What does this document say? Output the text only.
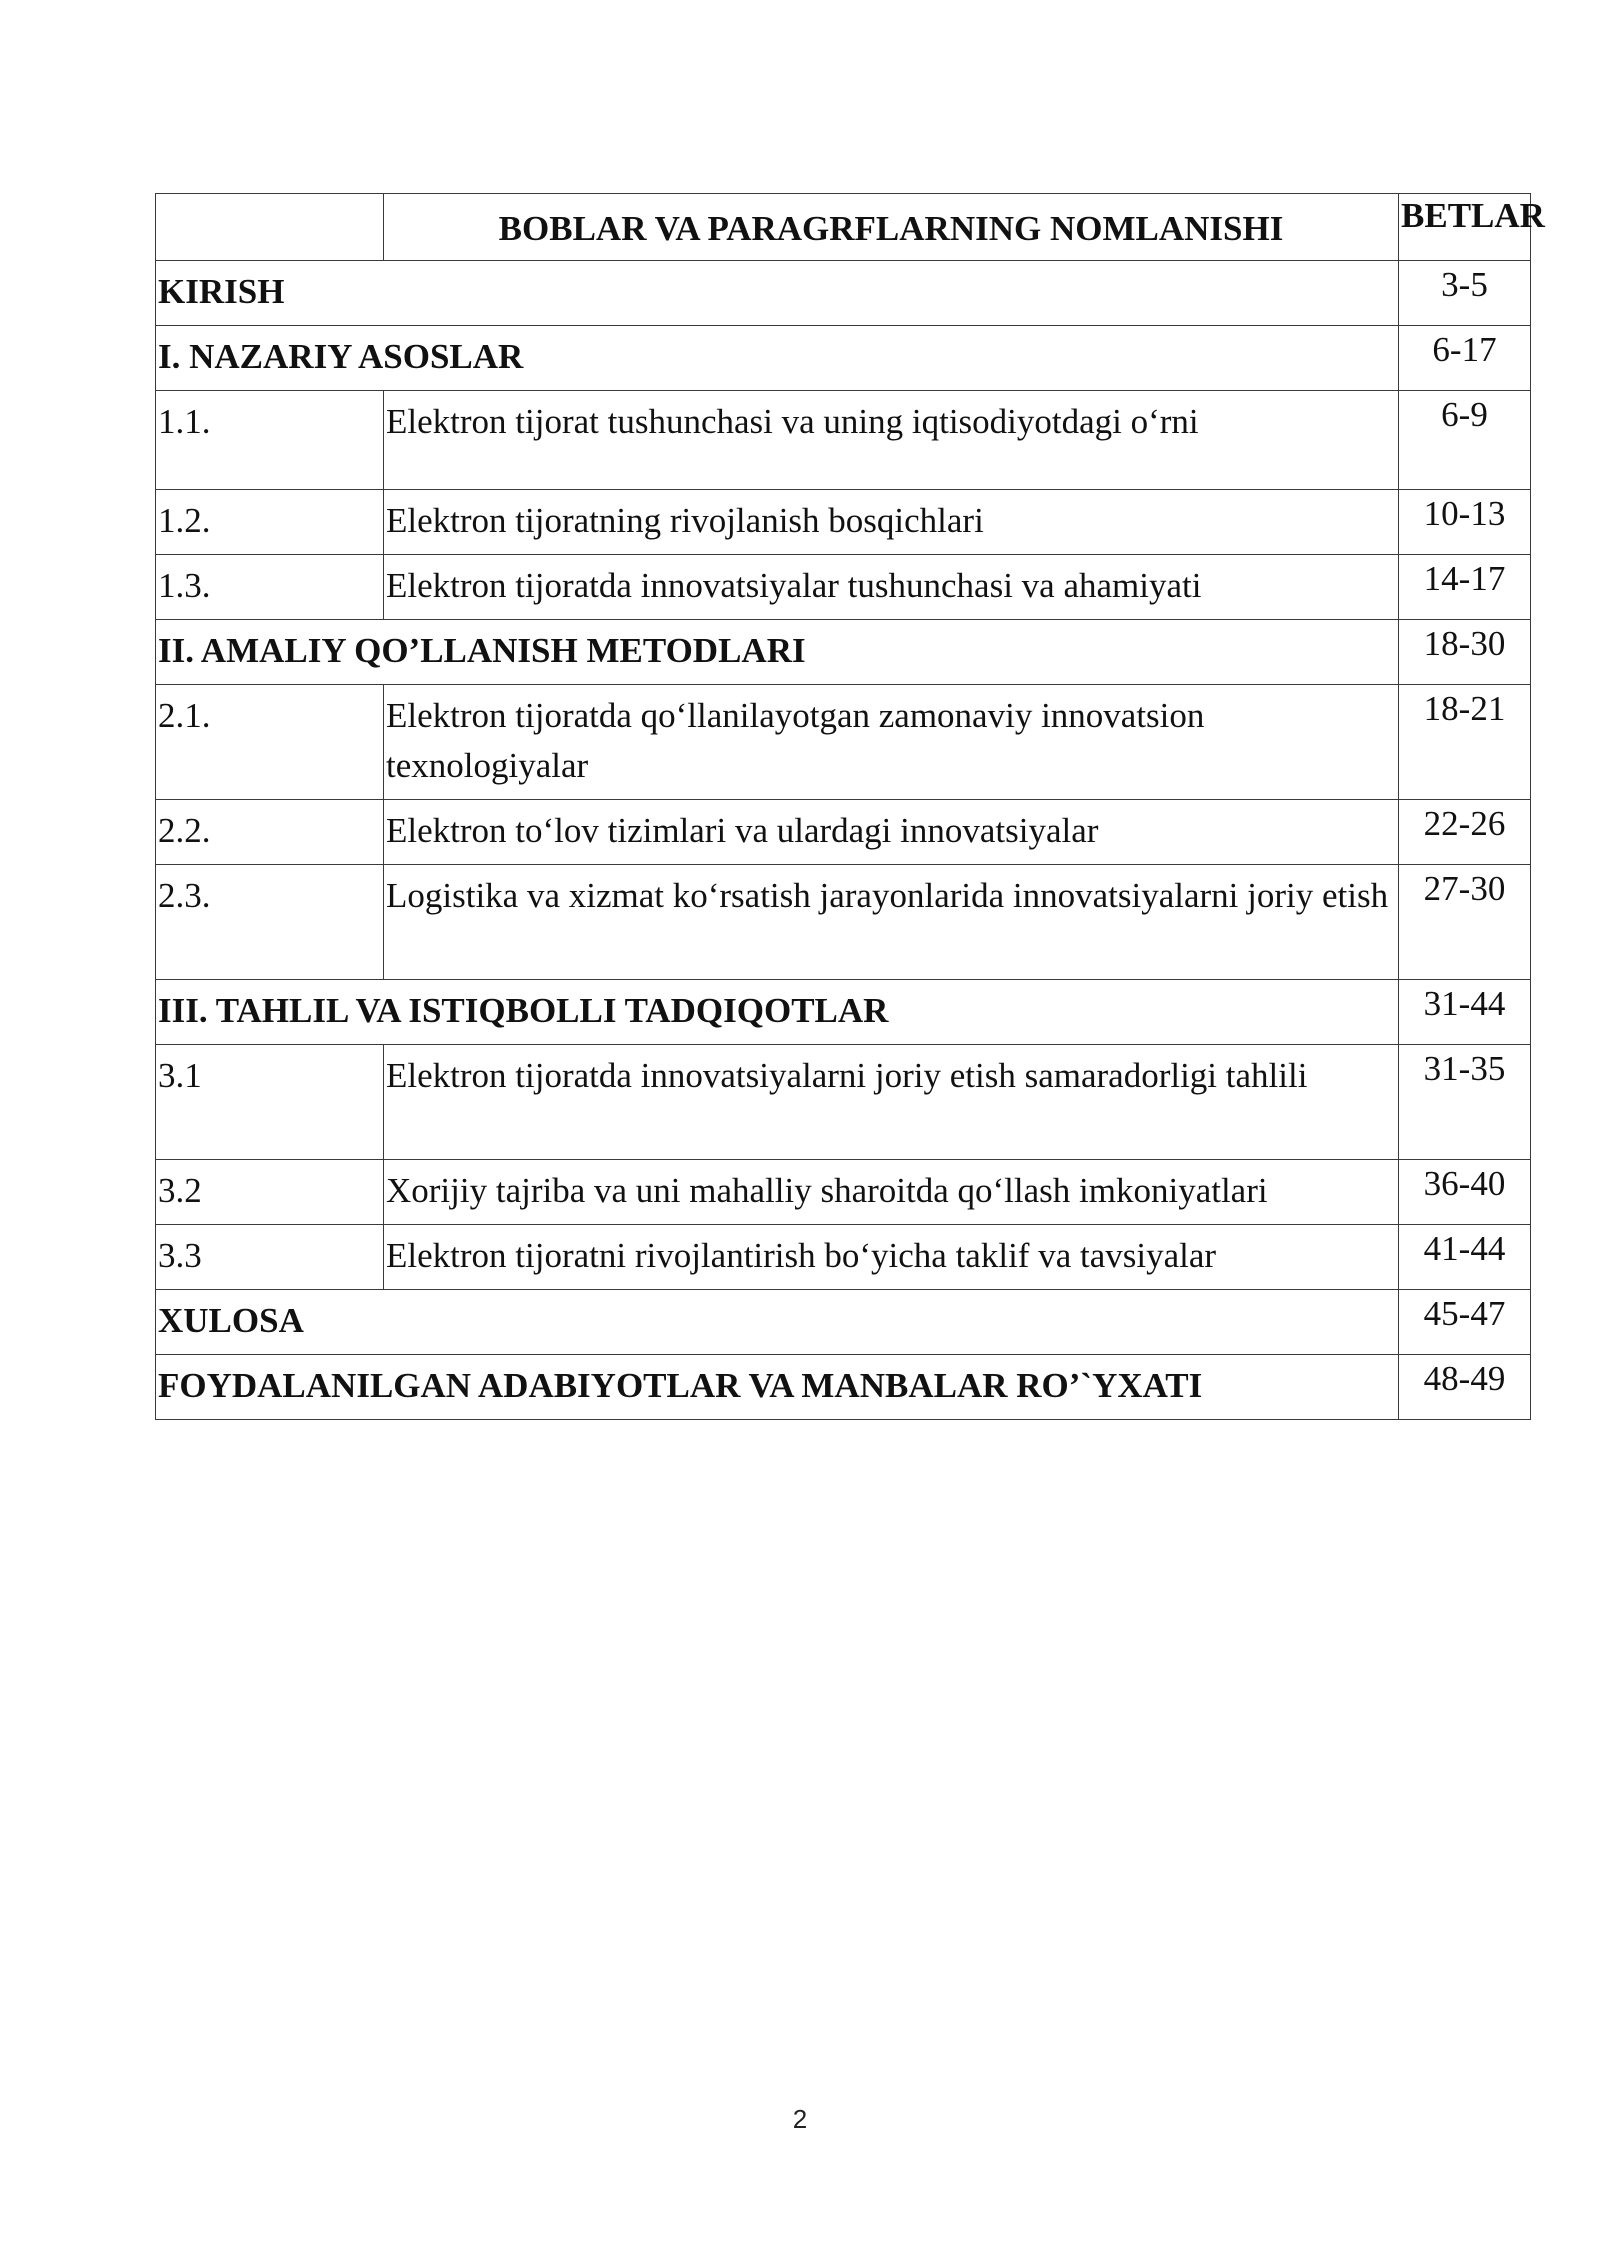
	BOBLAR VA PARAGRFLARNING NOMLANISHI	BETLAR
KIRISH		3-5
I. NAZARIY ASOSLAR		6-17
1.1.	Elektron tijorat tushunchasi va uning iqtisodiyotdagi o‘rni	6-9
1.2.	Elektron tijoratning rivojlanish bosqichlari	10-13
1.3.	Elektron tijoratda innovatsiyalar tushunchasi va ahamiyati	14-17
II. AMALIY QO’LLANISH METODLARI		18-30
2.1.	Elektron tijoratda qo‘llanilayotgan zamonaviy innovatsion texnologiyalar	18-21
2.2.	Elektron to‘lov tizimlari va ulardagi innovatsiyalar	22-26
2.3.	Logistika va xizmat ko‘rsatish jarayonlarida innovatsiyalarni joriy etish	27-30
III. TAHLIL VA ISTIQBOLLI TADQIQOTLAR		31-44
3.1	Elektron tijoratda innovatsiyalarni joriy etish samaradorligi tahlili	31-35
3.2	Xorijiy tajriba va uni mahalliy sharoitda qo‘llash imkoniyatlari	36-40
3.3	Elektron tijoratni rivojlantirish bo‘yicha taklif va tavsiyalar	41-44
XULOSA		45-47
FOYDALANILGAN ADABIYOTLAR VA MANBALAR RO’`YXATI		48-49
2
